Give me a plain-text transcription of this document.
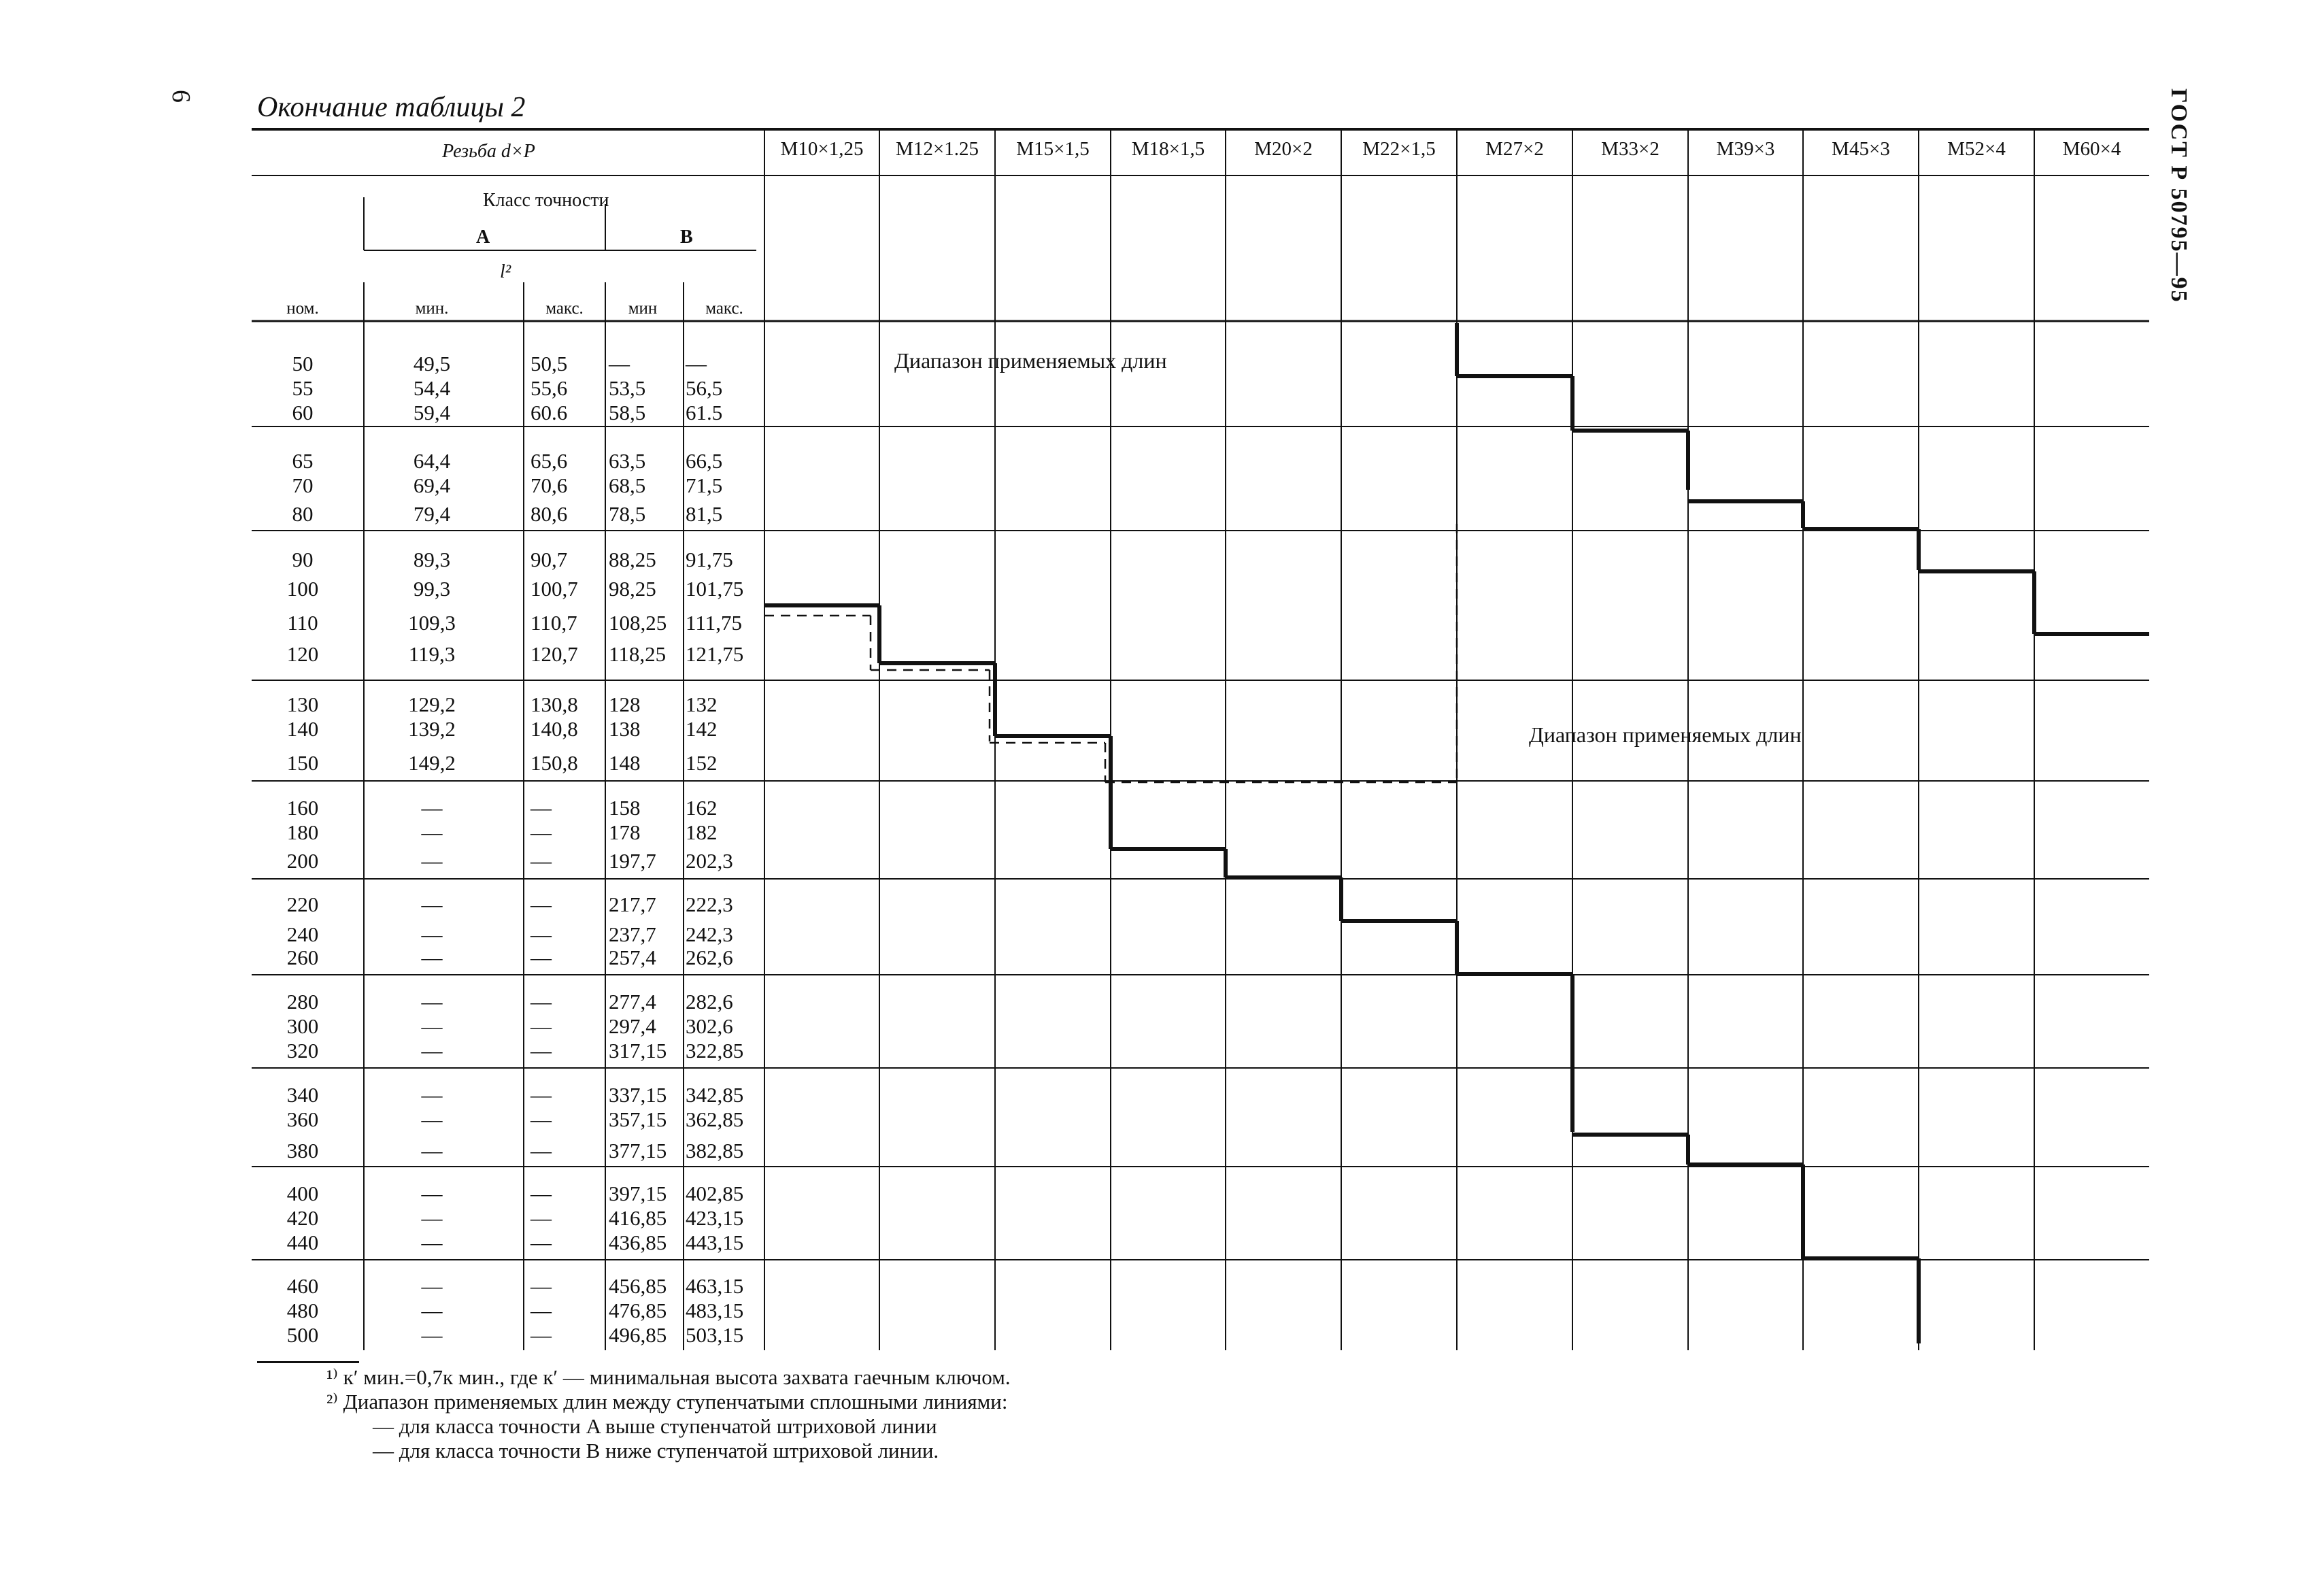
6 Окончание таблицы 2	ГОСТ Р 50795—95
Резьба d×P
Класс точности
A	B
l²
ном.	мин.	макс.	мин	макс.
M10×1,25	M12×1.25	M15×1,5	M18×1,5	M20×2	M22×1,5	M27×2	M33×2	M39×3	M45×3	M52×4	M60×4
50	49,5	50,5	—	—
55	54,4	55,6	53,5	56,5
60	59,4	60.6	58,5	61.5
65	64,4	65,6	63,5	66,5
70	69,4	70,6	68,5	71,5
80	79,4	80,6	78,5	81,5
90	89,3	90,7	88,25	91,75
100	99,3	100,7	98,25	101,75
110	109,3	110,7	108,25 111,75
120	119,3	120,7	118,25 121,75
130	129,2	130,8	128	132
140	139,2	140,8	138	142
150	149,2	150,8	148	152
160	—	—	158	162
180	—	—	178	182
200	—	—	197,7	202,3
220	—	—	217,7	222,3
240	—	—	237,7	242,3
260	—	—	257,4	262,6
280	—	—	277,4	282,6
300	—	—	297,4	302,6
320	—	—	317,15 322,85
340	—	—	337,15 342,85
360	—	—	357,15 362,85
380	—	—	377,15 382,85
400	—	—	397,15 402,85
420	—	—	416,85 423,15
440	—	—	436,85 443,15
460	—	—	456,85 463,15
480	—	—	476,85 483,15
500	—	—	496,85 503,15
Диапазон применяемых длин
Диапазон применяемых длин
¹⁾ к′ мин.=0,7к мин., где к′ — минимальная высота захвата гаечным ключом.
²⁾ Диапазон применяемых длин между ступенчатыми сплошными линиями:
— для класса точности A выше ступенчатой штриховой линии
— для класса точности B ниже ступенчатой штриховой линии.
